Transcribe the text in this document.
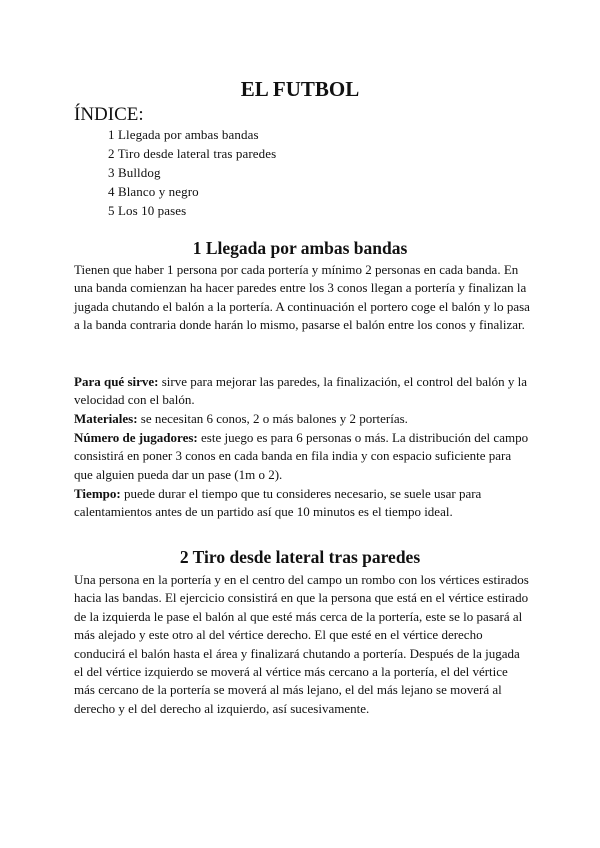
EL FUTBOL
ÍNDICE:
1 Llegada por ambas bandas
2 Tiro desde lateral tras paredes
3 Bulldog
4 Blanco y negro
5 Los 10 pases
1 Llegada por ambas bandas

Tienen que haber 1 persona por cada portería y mínimo 2 personas en cada banda. En una banda comienzan ha hacer paredes entre los 3 conos llegan a portería y finalizan la jugada chutando el balón a la portería. A continuación el portero coge el balón y lo pasa a la banda contraria donde harán lo mismo, pasarse el balón entre los conos y finalizar.

Para qué sirve: sirve para mejorar las paredes, la finalización, el control del balón y la velocidad con el balón.

Materiales: se necesitan 6 conos, 2 o más balones y 2 porterías.

Número de jugadores: este juego es para 6 personas o más. La distribución del campo consistirá en poner 3 conos en cada banda en fila india y con espacio suficiente para que alguien pueda dar un pase (1m o 2).

Tiempo: puede durar el tiempo que tu consideres necesario, se suele usar para calentamientos antes de un partido así que 10 minutos es el tiempo ideal.

2 Tiro desde lateral tras paredes

Una persona en la portería y en el centro del campo un rombo con los vértices estirados hacia las bandas. El ejercicio consistirá en que la persona que está en el vértice estirado de la izquierda le pase el balón al que esté más cerca de la portería, este se lo pasará al más alejado y este otro al del vértice derecho. El que esté en el vértice derecho conducirá el balón hasta el área y finalizará chutando a portería. Después de la jugada el del vértice izquierdo se moverá al vértice más cercano a la portería, el del vértice más cercano de la portería se moverá al más lejano, el del más lejano se moverá al derecho y el del derecho al izquierdo, así sucesivamente.
